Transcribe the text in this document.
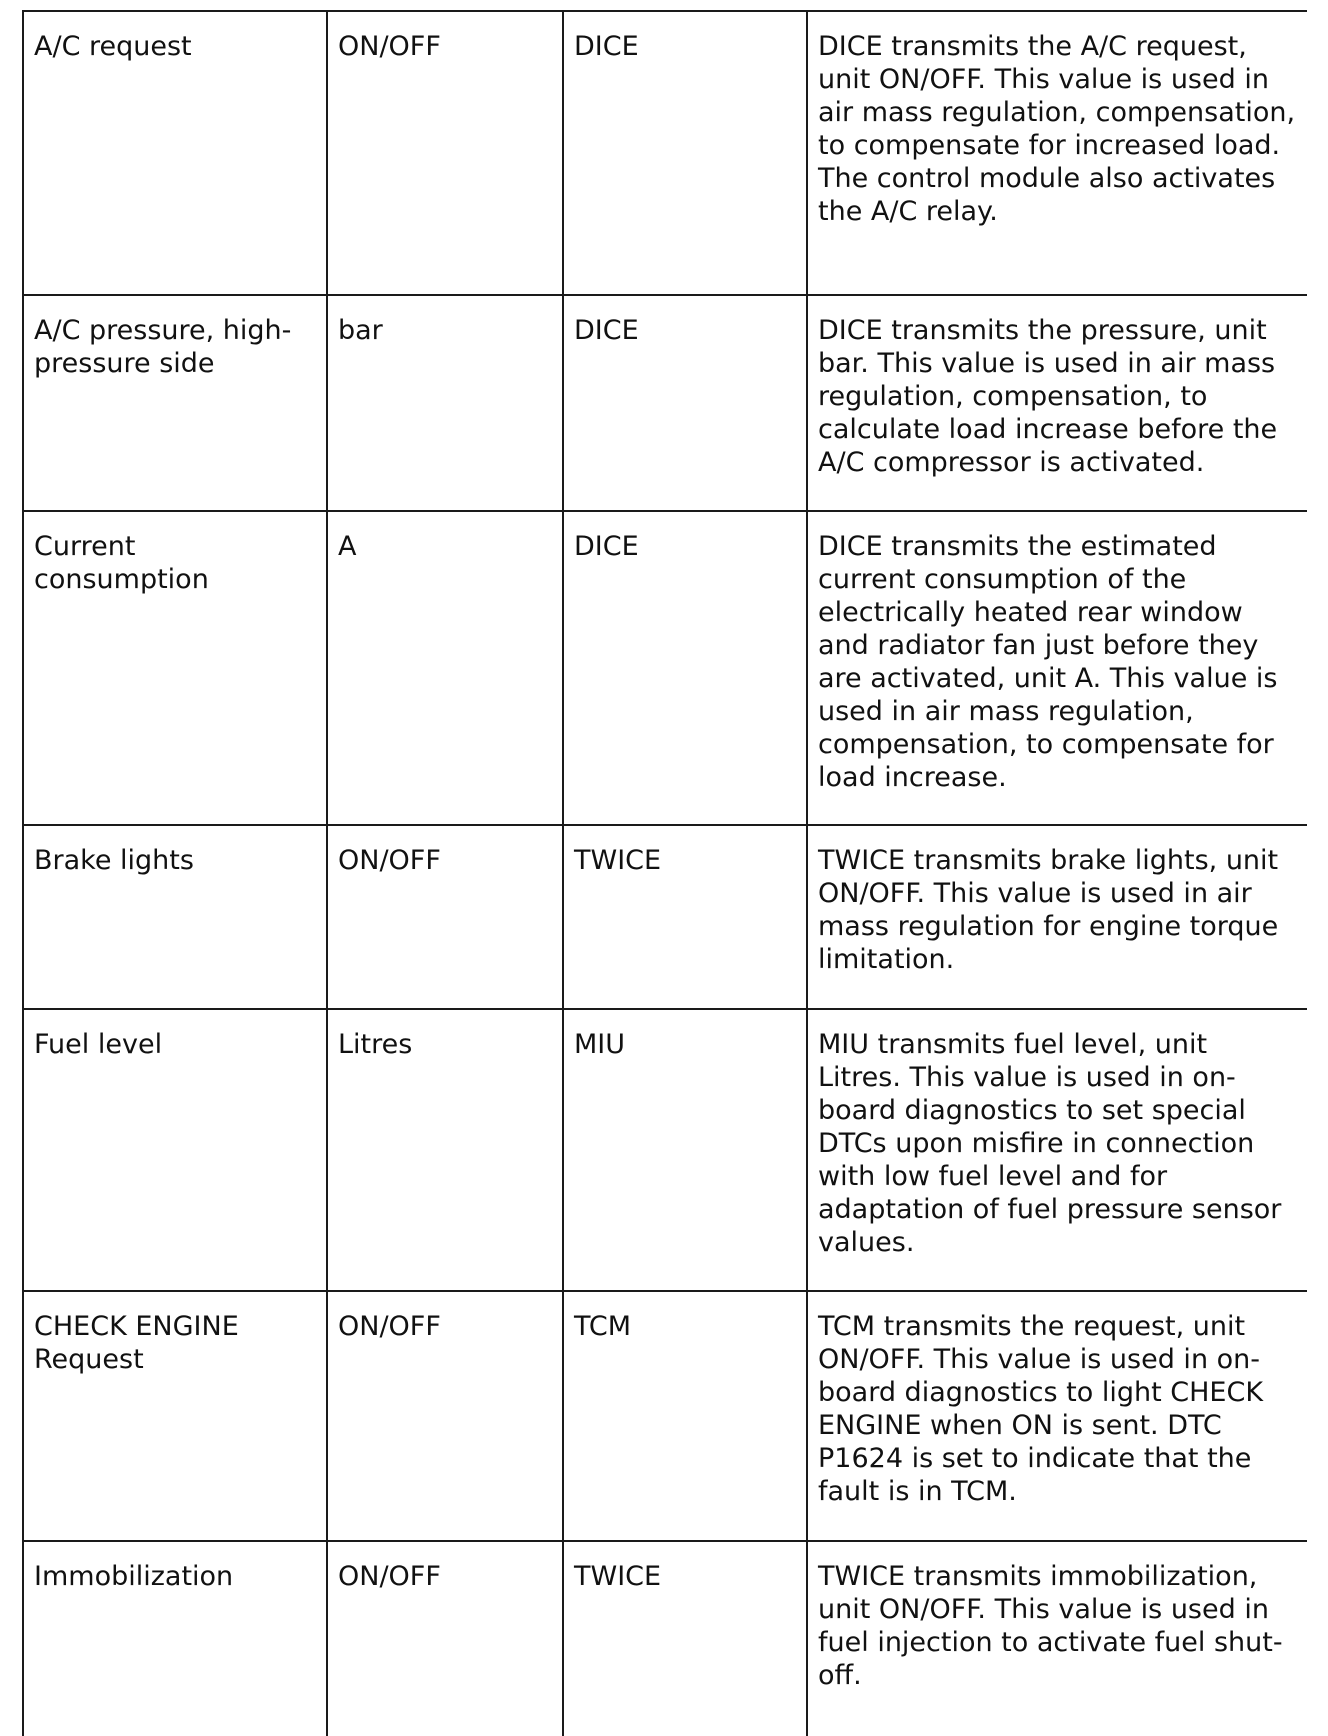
A/C request	ON/OFF	DICE	DICE transmits the A/C request, unit ON/OFF. This value is used in air mass regulation, compensation, to compensate for increased load. The control module also activates the A/C relay.

A/C pressure, high-pressure side	bar	DICE	DICE transmits the pressure, unit bar. This value is used in air mass regulation, compensation, to calculate load increase before the A/C compressor is activated.

Current consumption	A	DICE	DICE transmits the estimated current consumption of the electrically heated rear window and radiator fan just before they are activated, unit A. This value is used in air mass regulation, compensation, to compensate for load increase.

Brake lights	ON/OFF	TWICE	TWICE transmits brake lights, unit ON/OFF. This value is used in air mass regulation for engine torque limitation.

Fuel level	Litres	MIU	MIU transmits fuel level, unit Litres. This value is used in on-board diagnostics to set special DTCs upon misfire in connection with low fuel level and for adaptation of fuel pressure sensor values.

CHECK ENGINE Request	ON/OFF	TCM	TCM transmits the request, unit ON/OFF. This value is used in on-board diagnostics to light CHECK ENGINE when ON is sent. DTC P1624 is set to indicate that the fault is in TCM.

Immobilization	ON/OFF	TWICE	TWICE transmits immobilization, unit ON/OFF. This value is used in fuel injection to activate fuel shut-off.
